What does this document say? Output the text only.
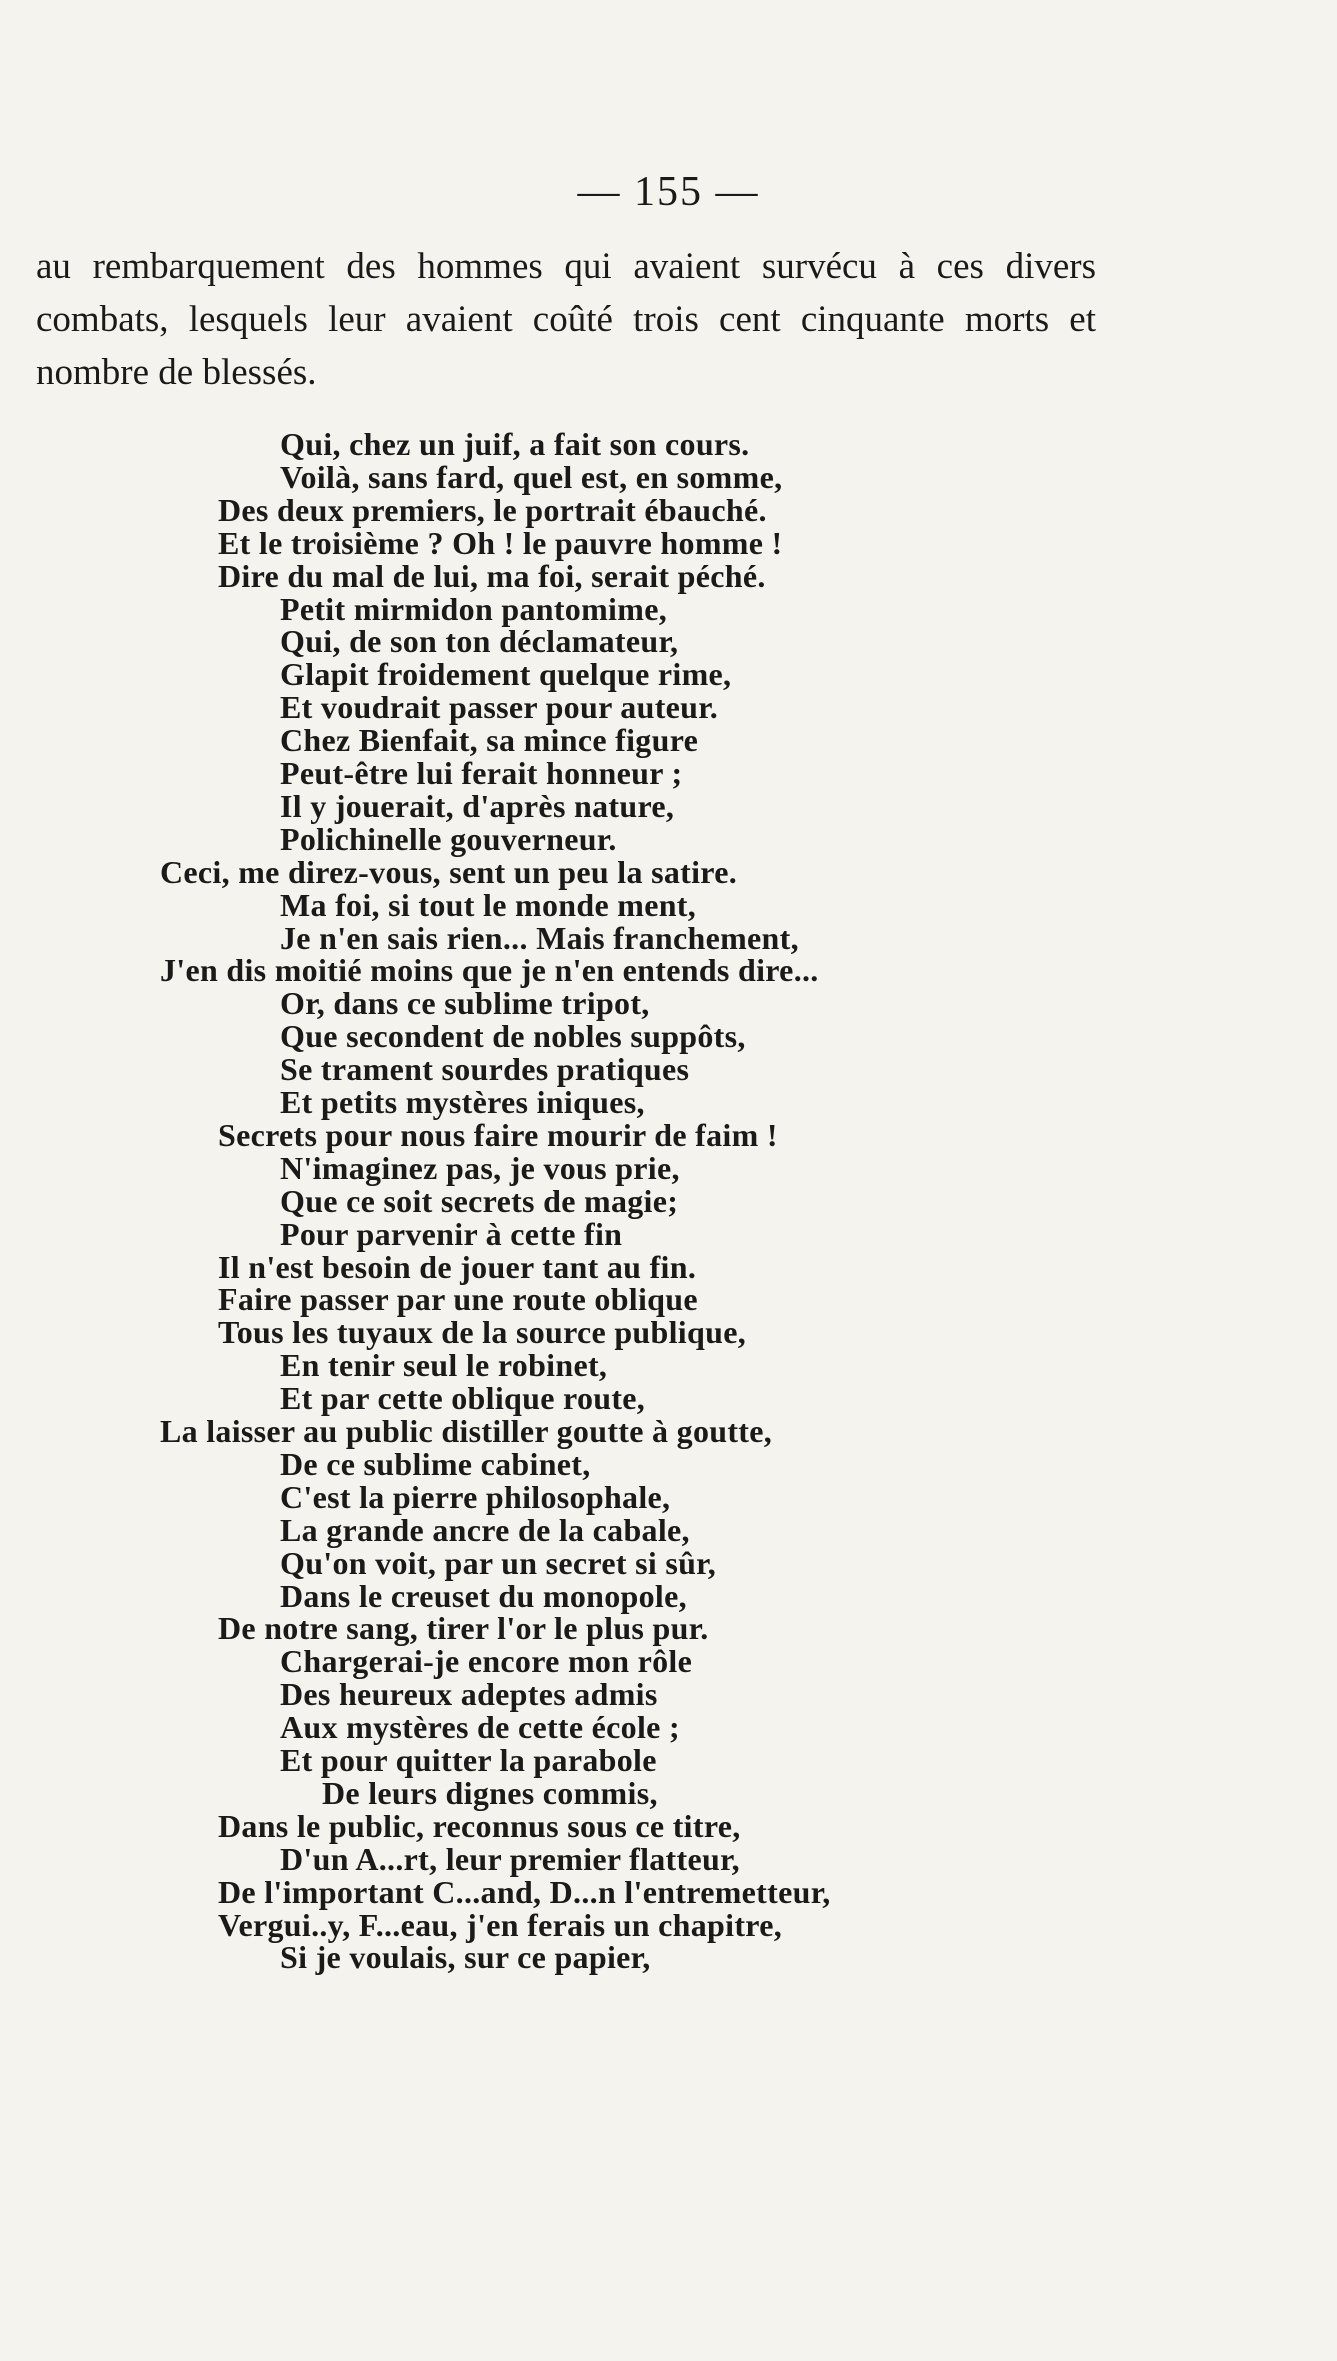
— 155 —

au rembarquement des hommes qui avaient survécu à ces divers combats, lesquels leur avaient coûté trois cent cinquante morts et nombre de blessés.

Qui, chez un juif, a fait son cours.
Voilà, sans fard, quel est, en somme,
Des deux premiers, le portrait ébauché.
Et le troisième ? Oh ! le pauvre homme !
Dire du mal de lui, ma foi, serait péché.
Petit mirmidon pantomime,
Qui, de son ton déclamateur,
Glapit froidement quelque rime,
Et voudrait passer pour auteur.
Chez Bienfait, sa mince figure
Peut-être lui ferait honneur ;
Il y jouerait, d'après nature,
Polichinelle gouverneur.
Ceci, me direz-vous, sent un peu la satire.
Ma foi, si tout le monde ment,
Je n'en sais rien... Mais franchement,
J'en dis moitié moins que je n'en entends dire...
Or, dans ce sublime tripot,
Que secondent de nobles suppôts,
Se trament sourdes pratiques
Et petits mystères iniques,
Secrets pour nous faire mourir de faim !
N'imaginez pas, je vous prie,
Que ce soit secrets de magie;
Pour parvenir à cette fin
Il n'est besoin de jouer tant au fin.
Faire passer par une route oblique
Tous les tuyaux de la source publique,
En tenir seul le robinet,
Et par cette oblique route,
La laisser au public distiller goutte à goutte,
De ce sublime cabinet,
C'est la pierre philosophale,
La grande ancre de la cabale,
Qu'on voit, par un secret si sûr,
Dans le creuset du monopole,
De notre sang, tirer l'or le plus pur.
Chargerai-je encore mon rôle
Des heureux adeptes admis
Aux mystères de cette école ;
Et pour quitter la parabole
De leurs dignes commis,
Dans le public, reconnus sous ce titre,
D'un A...rt, leur premier flatteur,
De l'important C...and, D...n l'entremetteur,
Vergui..y, F...eau, j'en ferais un chapitre,
Si je voulais, sur ce papier,
